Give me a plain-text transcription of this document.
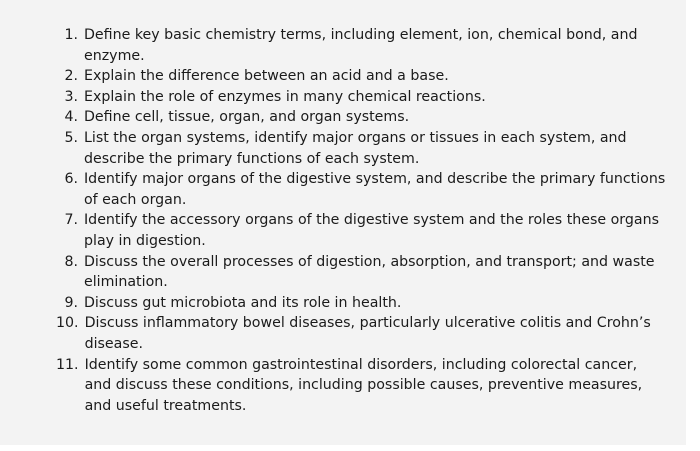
1. Define key basic chemistry terms, including element, ion, chemical bond, and enzyme.
2. Explain the difference between an acid and a base.
3. Explain the role of enzymes in many chemical reactions.
4. Define cell, tissue, organ, and organ systems.
5. List the organ systems, identify major organs or tissues in each system, and describe the primary functions of each system.
6. Identify major organs of the digestive system, and describe the primary functions of each organ.
7. Identify the accessory organs of the digestive system and the roles these organs play in digestion.
8. Discuss the overall processes of digestion, absorption, and transport; and waste elimination.
9. Discuss gut microbiota and its role in health.
10. Discuss inflammatory bowel diseases, particularly ulcerative colitis and Crohn’s disease.
11. Identify some common gastrointestinal disorders, including colorectal cancer, and discuss these conditions, including possible causes, preventive measures, and useful treatments.
